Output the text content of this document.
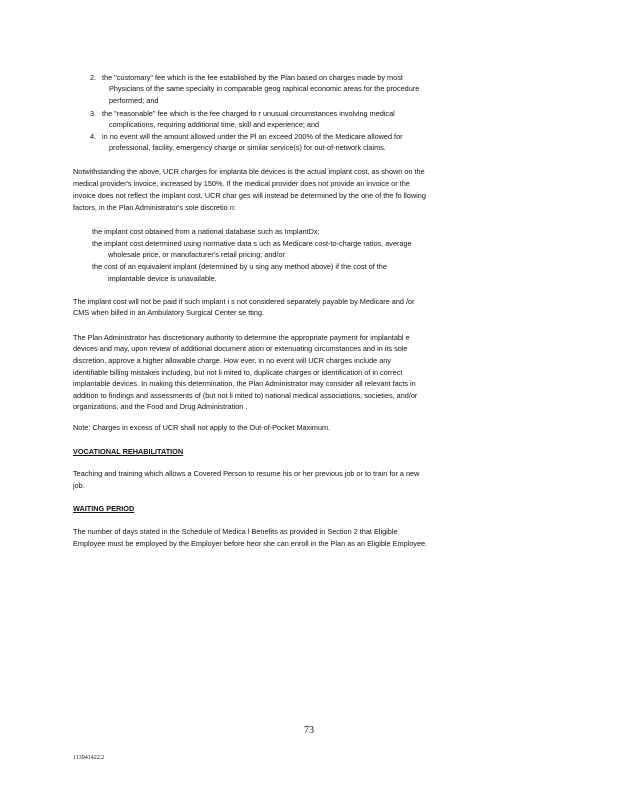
2. the "customary" fee which is the fee established by the Plan based on charges made by most
Physicians of the same specialty in comparable geog raphical economic areas for the procedure
performed; and
3. the "reasonable" fee which is the fee charged fo r unusual circumstances involving medical
complications, requiring additional time, skill and experience; and
4. in no event will the amount allowed under the Pl an exceed 200% of the Medicare allowed for
professional, facility, emergency charge or similar service(s) for out-of-network claims.
Notwithstanding the above, UCR charges for implanta ble devices is the actual implant cost, as shown on the
medical provider's invoice, increased by 150%. If the medical provider does not provide an invoice or the
invoice does not reflect the implant cost, UCR char ges will instead be determined by the one of the fo llowing
factors, in the Plan Administrator's sole discretio n:
the implant cost obtained from a national database such as ImplantDx;
the implant cost determined using normative data s uch as Medicare cost-to-charge ratios, average
wholesale price, or manufacturer's retail pricing; and/or
the cost of an equivalent implant (determined by u sing any method above) if the cost of the
implantable device is unavailable.
The implant cost will not be paid if such implant i s not considered separately payable by Medicare and /or
CMS when billed in an Ambulatory Surgical Center se tting.
The Plan Administrator has discretionary authority to determine the appropriate payment for implantabl e
devices and may, upon review of additional document ation or extenuating circumstances and in its sole
discretion, approve a higher allowable charge. How ever, in no event will UCR charges include any
identifiable billing mistakes including, but not li mited to, duplicate charges or identification of in correct
implantable devices. In making this determination, the Plan Administrator may consider all relevant facts in
addition to findings and assessments of (but not li mited to) national medical associations, societies, and/or
organizations, and the Food and Drug Administration .
Note: Charges in excess of UCR shall not apply to the Out-of-Pocket Maximum.
VOCATIONAL REHABILITATION
Teaching and training which allows a Covered Person to resume his or her previous job or to train for a new
job.
WAITING PERIOD
The number of days stated in the Schedule of Medica l Benefits as provided in Section 2 that Eligible
Employee must be employed by the Employer before heor she can enroll in the Plan as an Eligible Employee.
73
113941422.2
